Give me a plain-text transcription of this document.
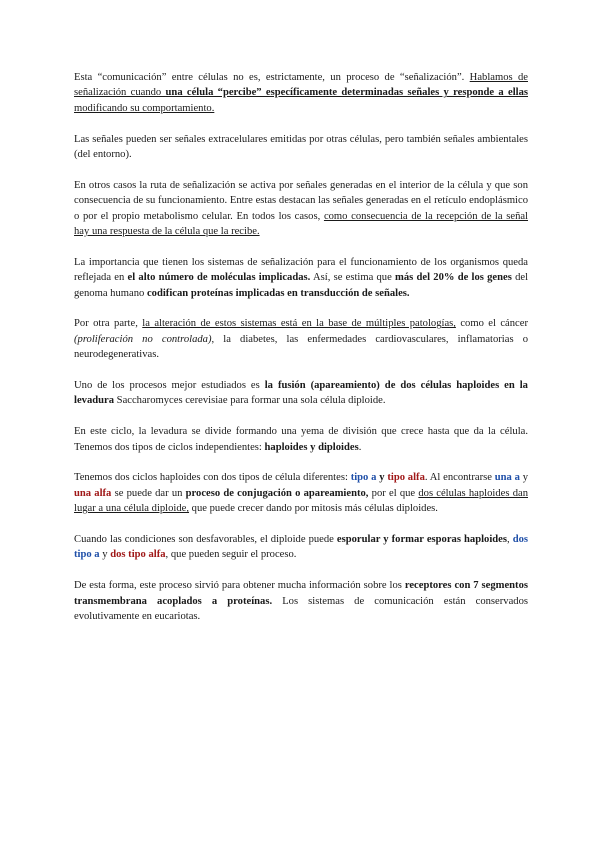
Esta “comunicación” entre células no es, estrictamente, un proceso de “señalización”. Hablamos de señalización cuando una célula “percibe” específicamente determinadas señales y responde a ellas modificando su comportamiento.

Las señales pueden ser señales extracelulares emitidas por otras células, pero también señales ambientales (del entorno).

En otros casos la ruta de señalización se activa por señales generadas en el interior de la célula y que son consecuencia de su funcionamiento. Entre estas destacan las señales generadas en el retículo endoplásmico o por el propio metabolismo celular. En todos los casos, como consecuencia de la recepción de la señal hay una respuesta de la célula que la recibe.

La importancia que tienen los sistemas de señalización para el funcionamiento de los organismos queda reflejada en el alto número de moléculas implicadas. Así, se estima que más del 20% de los genes del genoma humano codifican proteínas implicadas en transducción de señales.

Por otra parte, la alteración de estos sistemas está en la base de múltiples patologías, como el cáncer (proliferación no controlada), la diabetes, las enfermedades cardiovasculares, inflamatorias o neurodegenerativas.

Uno de los procesos mejor estudiados es la fusión (apareamiento) de dos células haploides en la levadura Saccharomyces cerevisiae para formar una sola célula diploide.

En este ciclo, la levadura se divide formando una yema de división que crece hasta que da la célula. Tenemos dos tipos de ciclos independientes: haploides y diploides.

Tenemos dos ciclos haploides con dos tipos de célula diferentes: tipo a y tipo alfa. Al encontrarse una a y una alfa se puede dar un proceso de conjugación o apareamiento, por el que dos células haploides dan lugar a una célula diploide, que puede crecer dando por mitosis más células diploides.

Cuando las condiciones son desfavorables, el diploide puede esporular y formar esporas haploides, dos tipo a y dos tipo alfa, que pueden seguir el proceso.

De esta forma, este proceso sirvió para obtener mucha información sobre los receptores con 7 segmentos transmembrana acoplados a proteínas. Los sistemas de comunicación están conservados evolutivamente en eucariotas.
